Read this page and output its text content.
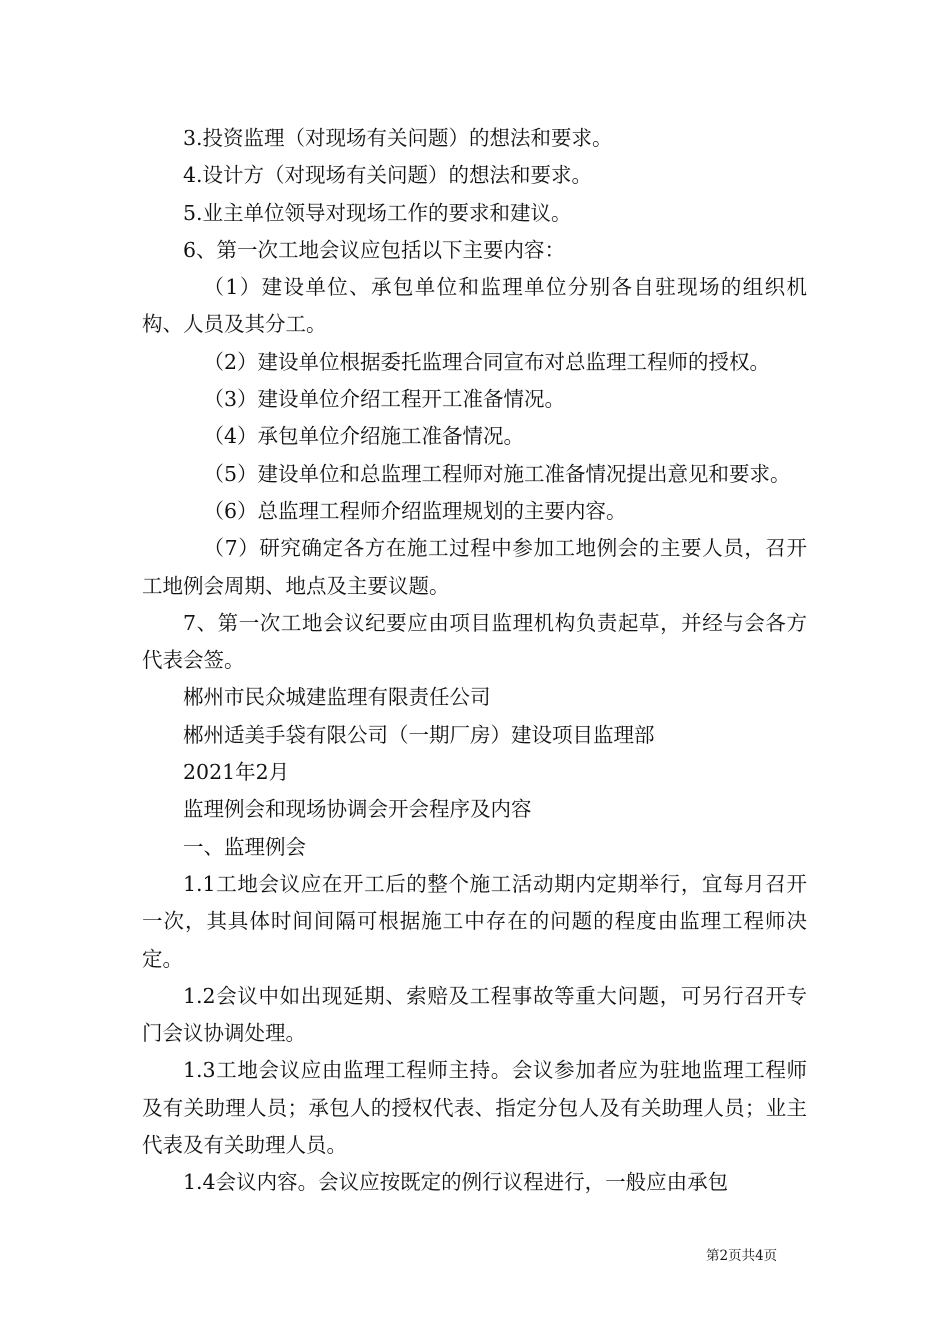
3.投资监理（对现场有关问题）的想法和要求。

4.设计方（对现场有关问题）的想法和要求。

5.业主单位领导对现场工作的要求和建议。

6、第一次工地会议应包括以下主要内容：

（1）建设单位、承包单位和监理单位分别各自驻现场的组织机构、人员及其分工。

（2）建设单位根据委托监理合同宣布对总监理工程师的授权。

（3）建设单位介绍工程开工准备情况。

（4）承包单位介绍施工准备情况。

（5）建设单位和总监理工程师对施工准备情况提出意见和要求。

（6）总监理工程师介绍监理规划的主要内容。

（7）研究确定各方在施工过程中参加工地例会的主要人员，召开工地例会周期、地点及主要议题。

7、第一次工地会议纪要应由项目监理机构负责起草，并经与会各方代表会签。

郴州市民众城建监理有限责任公司

郴州适美手袋有限公司（一期厂房）建设项目监理部

2021年2月

监理例会和现场协调会开会程序及内容

一、监理例会

1.1工地会议应在开工后的整个施工活动期内定期举行，宜每月召开一次，其具体时间间隔可根据施工中存在的问题的程度由监理工程师决定。

1.2会议中如出现延期、索赔及工程事故等重大问题，可另行召开专门会议协调处理。

1.3工地会议应由监理工程师主持。会议参加者应为驻地监理工程师及有关助理人员；承包人的授权代表、指定分包人及有关助理人员；业主代表及有关助理人员。

1.4会议内容。会议应按既定的例行议程进行，一般应由承包

第2页共4页
